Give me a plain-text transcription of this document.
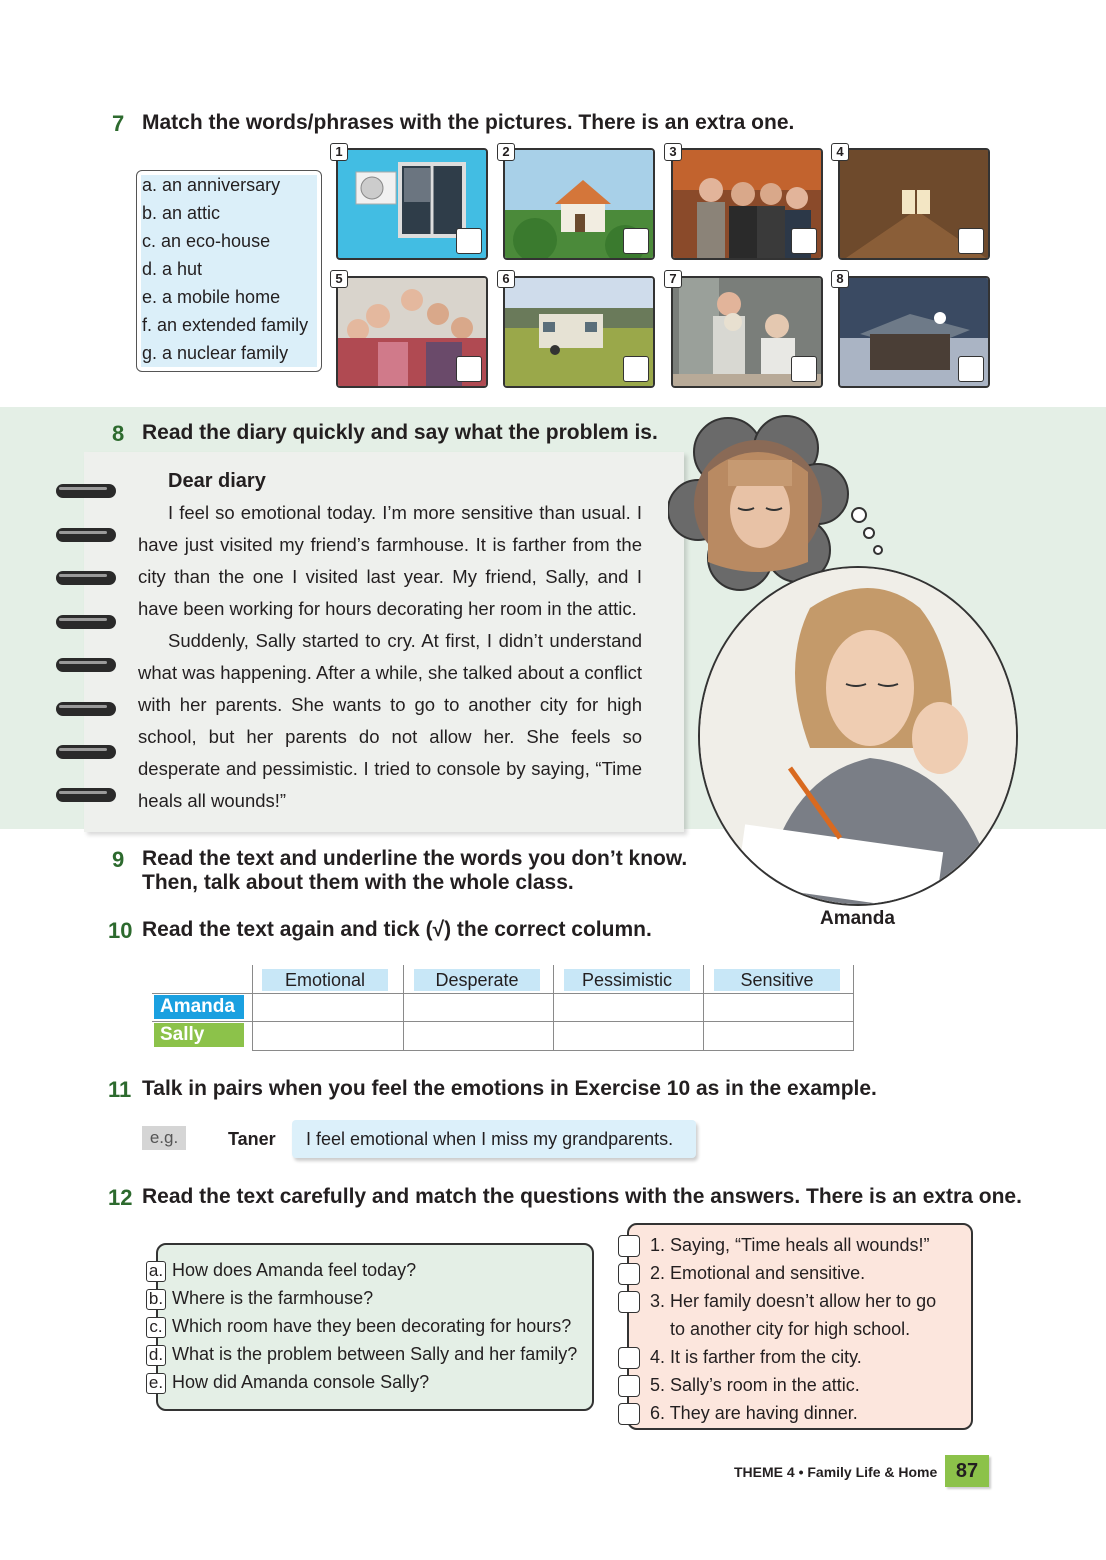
7 Match the words/phrases with the pictures. There is an extra one.
a. an anniversary
b. an attic
c. an eco-house
d. a hut
e. a mobile home
f. an extended family
g. a nuclear family
1	2	3	4
5	6	7	8
8 Read the diary quickly and say what the problem is.
Dear diary
I feel so emotional today. I’m more sensitive than usual. I have just visited my friend’s farmhouse. It is farther from the city than the one I visited last year. My friend, Sally, and I have been working for hours decorating her room in the attic.
Suddenly, Sally started to cry. At first, I didn’t understand what was happening. After a while, she talked about a conflict with her parents. She wants to go to another city for high school, but her parents do not allow her. She feels so desperate and pessimistic. I tried to console by saying, “Time heals all wounds!”
Amanda
9 Read the text and underline the words you don’t know.
Then, talk about them with the whole class.
10 Read the text again and tick (√) the correct column.
Emotional	Desperate	Pessimistic	Sensitive
Amanda
Sally
11 Talk in pairs when you feel the emotions in Exercise 10 as in the example.
e.g.	Taner	I feel emotional when I miss my grandparents.
12 Read the text carefully and match the questions with the answers. There is an extra one.
a. How does Amanda feel today?
b. Where is the farmhouse?
c. Which room have they been decorating for hours?
d. What is the problem between Sally and her family?
e. How did Amanda console Sally?
1. Saying, “Time heals all wounds!”
2. Emotional and sensitive.
3. Her family doesn’t allow her to go
to another city for high school.
4. It is farther from the city.
5. Sally’s room in the attic.
6. They are having dinner.
THEME 4 • Family Life & Home 87
